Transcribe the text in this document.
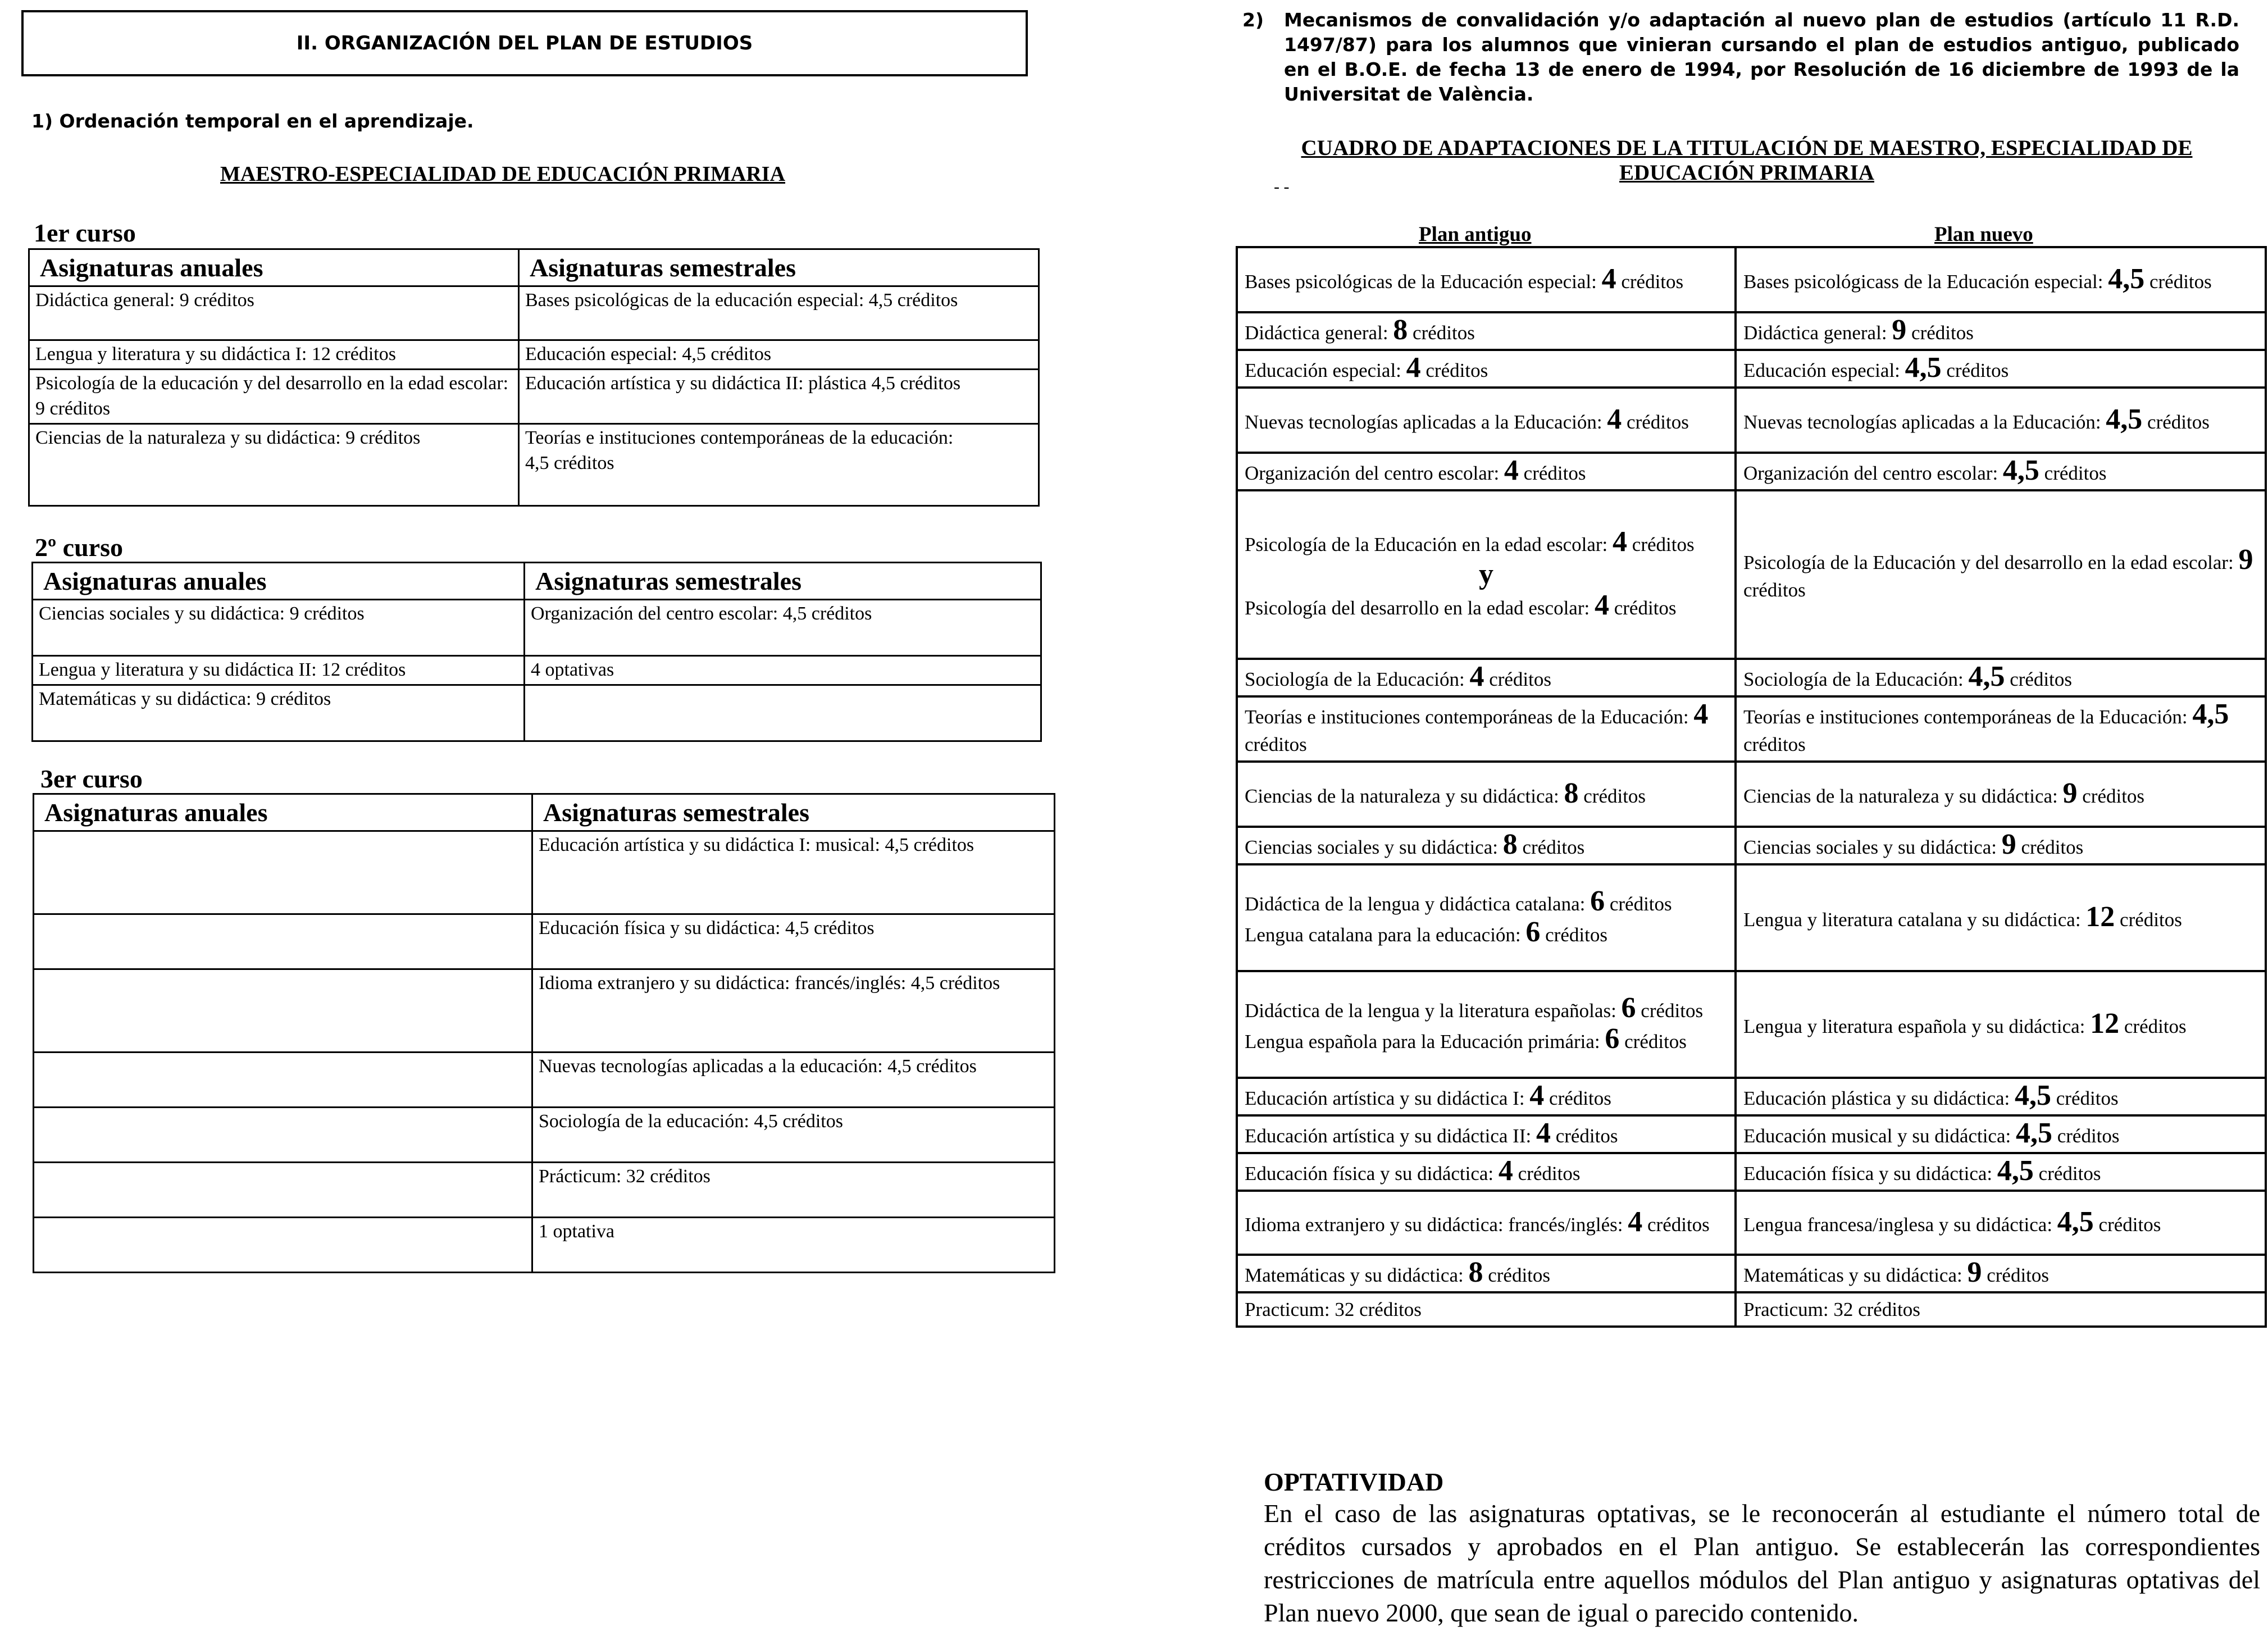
II. ORGANIZACIÓN DEL PLAN DE ESTUDIOS
1) Ordenación temporal en el aprendizaje.
MAESTRO-ESPECIALIDAD DE EDUCACIÓN PRIMARIA
1er curso
Asignaturas anuales	Asignaturas semestrales
Didáctica general: 9 créditos	Bases psicológicas de la educación especial: 4,5 créditos
Lengua y literatura y su didáctica I: 12 créditos	Educación especial: 4,5 créditos
Psicología de la educación y del desarrollo en la edad escolar: 9 créditos	Educación artística y su didáctica II: plástica 4,5 créditos
Ciencias de la naturaleza y su didáctica: 9 créditos	Teorías e instituciones contemporáneas de la educación:
4,5 créditos
2º curso
Asignaturas anuales	Asignaturas semestrales
Ciencias sociales y su didáctica: 9 créditos	Organización del centro escolar: 4,5 créditos
Lengua y literatura y su didáctica II: 12 créditos	4 optativas
Matemáticas y su didáctica: 9 créditos	
3er curso
Asignaturas anuales	Asignaturas semestrales
	Educación artística y su didáctica I: musical: 4,5 créditos
	Educación física y su didáctica: 4,5 créditos
	Idioma extranjero y su didáctica: francés/inglés: 4,5 créditos
	Nuevas tecnologías aplicadas a la educación: 4,5 créditos
	Sociología de la educación: 4,5 créditos
	Prácticum: 32 créditos
	1 optativa
2) Mecanismos de convalidación y/o adaptación al nuevo plan de estudios (artículo 11 R.D. 1497/87) para los alumnos que vinieran cursando el plan de estudios antiguo, publicado en el B.O.E. de fecha 13 de enero de 1994, por Resolución de 16 diciembre de 1993 de la Universitat de València.
CUADRO DE ADAPTACIONES DE LA TITULACIÓN DE MAESTRO, ESPECIALIDAD DE
EDUCACIÓN PRIMARIA
- -
Plan antiguo	Plan nuevo
Bases psicológicas de la Educación especial: 4 créditos	Bases psicológicass de la Educación especial: 4,5 créditos
Didáctica general: 8 créditos	Didáctica general: 9 créditos
Educación especial: 4 créditos	Educación especial: 4,5 créditos
Nuevas tecnologías aplicadas a la Educación: 4 créditos	Nuevas tecnologías aplicadas a la Educación: 4,5 créditos
Organización del centro escolar: 4 créditos	Organización del centro escolar: 4,5 créditos
Psicología de la Educación en la edad escolar: 4 créditos
y
Psicología del desarrollo en la edad escolar: 4 créditos	Psicología de la Educación y del desarrollo en la edad escolar: 9 créditos
Sociología de la Educación: 4 créditos	Sociología de la Educación: 4,5 créditos
Teorías e instituciones contemporáneas de la Educación: 4 créditos	Teorías e instituciones contemporáneas de la Educación: 4,5 créditos
Ciencias de la naturaleza y su didáctica: 8 créditos	Ciencias de la naturaleza y su didáctica: 9 créditos
Ciencias sociales y su didáctica: 8 créditos	Ciencias sociales y su didáctica: 9 créditos
Didáctica de la lengua y didáctica catalana: 6 créditos
Lengua catalana para la educación: 6 créditos	Lengua y literatura catalana y su didáctica: 12 créditos
Didáctica de la lengua y la literatura españolas: 6 créditos
Lengua española para la Educación primária: 6 créditos	Lengua y literatura española y su didáctica: 12 créditos
Educación artística y su didáctica I: 4 créditos	Educación plástica y su didáctica: 4,5 créditos
Educación artística y su didáctica II: 4 créditos	Educación musical y su didáctica: 4,5 créditos
Educación física y su didáctica: 4 créditos	Educación física y su didáctica: 4,5 créditos
Idioma extranjero y su didáctica: francés/inglés: 4 créditos	Lengua francesa/inglesa y su didáctica: 4,5 créditos
Matemáticas y su didáctica: 8 créditos	Matemáticas y su didáctica: 9 créditos
Practicum: 32 créditos	Practicum: 32 créditos
OPTATIVIDAD
En el caso de las asignaturas optativas, se le reconocerán al estudiante el número total de créditos cursados y aprobados en el Plan antiguo. Se establecerán las correspondientes restricciones de matrícula entre aquellos módulos del Plan antiguo y asignaturas optativas del Plan nuevo 2000, que sean de igual o parecido contenido.
